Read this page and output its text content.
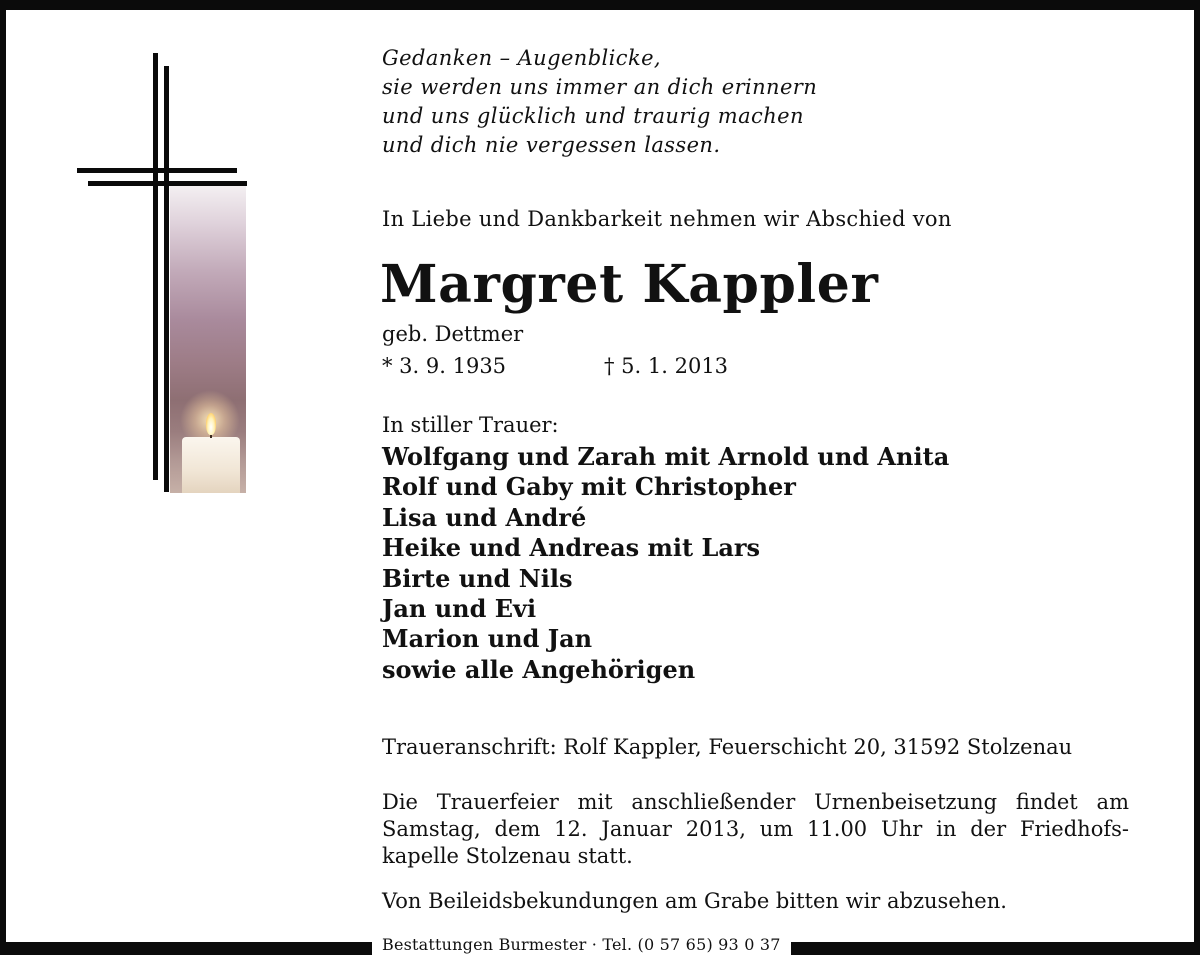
Gedanken – Augenblicke,
sie werden uns immer an dich erinnern
und uns glücklich und traurig machen
und dich nie vergessen lassen.
In Liebe und Dankbarkeit nehmen wir Abschied von
Margret Kappler
geb. Dettmer
* 3. 9. 1935	† 5. 1. 2013
In stiller Trauer:
Wolfgang und Zarah mit Arnold und Anita
Rolf und Gaby mit Christopher
Lisa und André
Heike und Andreas mit Lars
Birte und Nils
Jan und Evi
Marion und Jan
sowie alle Angehörigen
Traueranschrift: Rolf Kappler, Feuerschicht 20, 31592 Stolzenau
Die Trauerfeier mit anschließender Urnenbeisetzung findet am
Samstag, dem 12. Januar 2013, um 11.00 Uhr in der Friedhofs-
kapelle Stolzenau statt.
Von Beileidsbekundungen am Grabe bitten wir abzusehen.
Bestattungen Burmester · Tel. (0 57 65) 93 0 37
